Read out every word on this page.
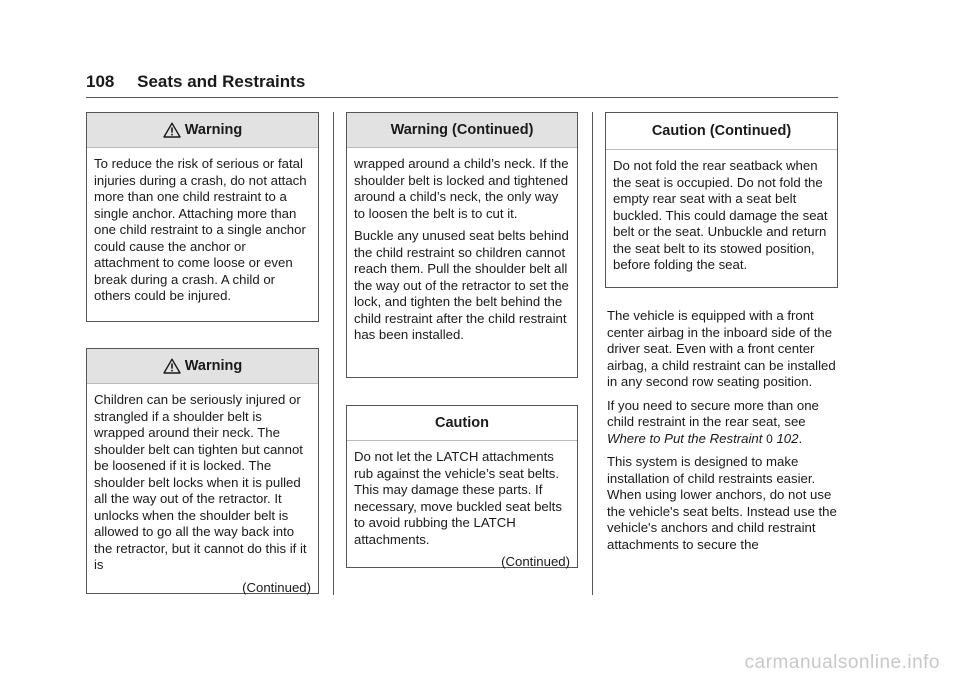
108 Seats and Restraints
Warning

To reduce the risk of serious or fatal injuries during a crash, do not attach more than one child restraint to a single anchor. Attaching more than one child restraint to a single anchor could cause the anchor or attachment to come loose or even break during a crash. A child or others could be injured.

Warning

Children can be seriously injured or strangled if a shoulder belt is wrapped around their neck. The shoulder belt can tighten but cannot be loosened if it is locked. The shoulder belt locks when it is pulled all the way out of the retractor. It unlocks when the shoulder belt is allowed to go all the way back into the retractor, but it cannot do this if it is

(Continued)
Warning (Continued)

wrapped around a child’s neck. If the shoulder belt is locked and tightened around a child’s neck, the only way to loosen the belt is to cut it.

Buckle any unused seat belts behind the child restraint so children cannot reach them. Pull the shoulder belt all the way out of the retractor to set the lock, and tighten the belt behind the child restraint after the child restraint has been installed.

Caution

Do not let the LATCH attachments rub against the vehicle’s seat belts. This may damage these parts. If necessary, move buckled seat belts to avoid rubbing the LATCH attachments.

(Continued)
Caution (Continued)

Do not fold the rear seatback when the seat is occupied. Do not fold the empty rear seat with a seat belt buckled. This could damage the seat belt or the seat. Unbuckle and return the seat belt to its stowed position, before folding the seat.

The vehicle is equipped with a front center airbag in the inboard side of the driver seat. Even with a front center airbag, a child restraint can be installed in any second row seating position.

If you need to secure more than one child restraint in the rear seat, see Where to Put the Restraint 0 102.

This system is designed to make installation of child restraints easier. When using lower anchors, do not use the vehicle's seat belts. Instead use the vehicle's anchors and child restraint attachments to secure the

carmanualsonline.info
